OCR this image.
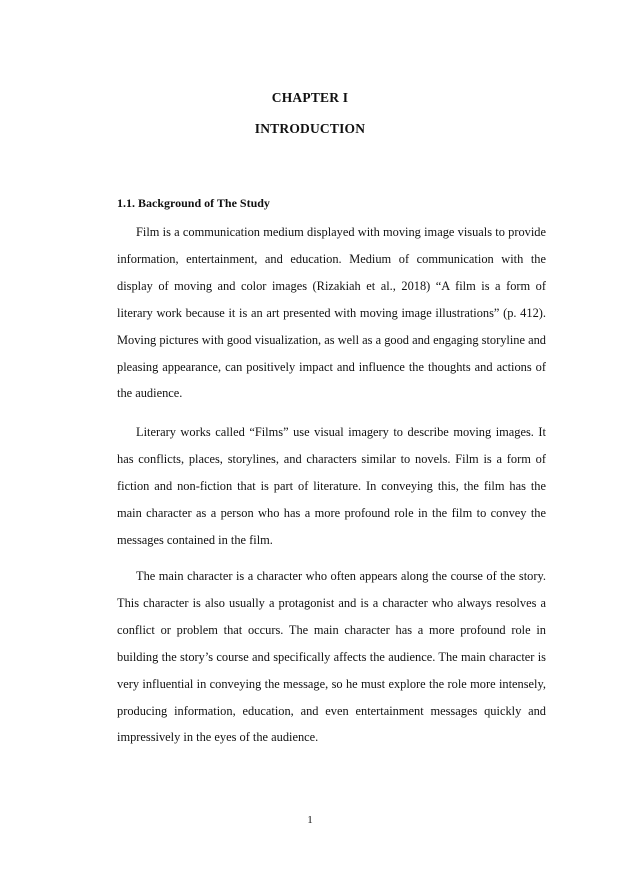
CHAPTER I
INTRODUCTION
1.1. Background of The Study

Film is a communication medium displayed with moving image visuals to provide information, entertainment, and education. Medium of communication with the display of moving and color images (Rizakiah et al., 2018) “A film is a form of literary work because it is an art presented with moving image illustrations” (p. 412). Moving pictures with good visualization, as well as a good and engaging storyline and pleasing appearance, can positively impact and influence the thoughts and actions of the audience.

Literary works called “Films” use visual imagery to describe moving images. It has conflicts, places, storylines, and characters similar to novels. Film is a form of fiction and non-fiction that is part of literature. In conveying this, the film has the main character as a person who has a more profound role in the film to convey the messages contained in the film.

The main character is a character who often appears along the course of the story. This character is also usually a protagonist and is a character who always resolves a conflict or problem that occurs. The main character has a more profound role in building the story’s course and specifically affects the audience. The main character is very influential in conveying the message, so he must explore the role more intensely, producing information, education, and even entertainment messages quickly and impressively in the eyes of the audience.

1
